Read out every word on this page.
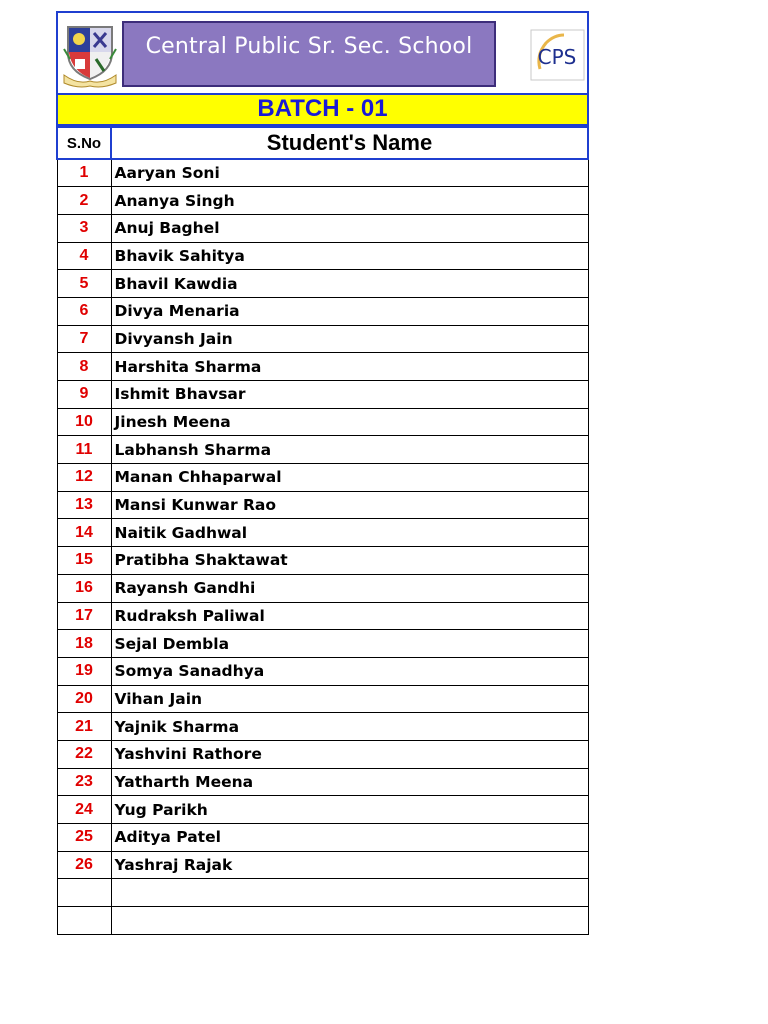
Central Public Sr. Sec. School	CPS
BATCH - 01
S.No	Student's Name
1	Aaryan Soni
2	Ananya Singh
3	Anuj Baghel
4	Bhavik Sahitya
5	Bhavil Kawdia
6	Divya Menaria
7	Divyansh Jain
8	Harshita Sharma
9	Ishmit Bhavsar
10	Jinesh Meena
11	Labhansh Sharma
12	Manan Chhaparwal
13	Mansi Kunwar Rao
14	Naitik Gadhwal
15	Pratibha Shaktawat
16	Rayansh Gandhi
17	Rudraksh Paliwal
18	Sejal Dembla
19	Somya Sanadhya
20	Vihan Jain
21	Yajnik Sharma
22	Yashvini Rathore
23	Yatharth Meena
24	Yug Parikh
25	Aditya Patel
26	Yashraj Rajak
